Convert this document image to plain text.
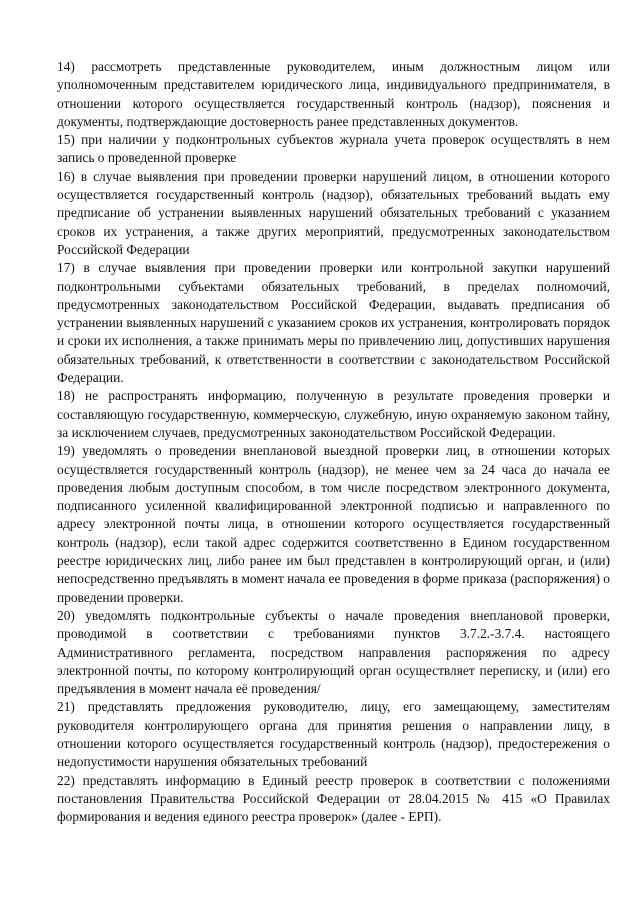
14) рассмотреть представленные руководителем, иным должностным лицом или уполномоченным представителем юридического лица, индивидуального предпринимателя, в отношении которого осуществляется государственный контроль (надзор), пояснения и документы, подтверждающие достоверность ранее представленных документов.

15) при наличии у подконтрольных субъектов журнала учета проверок осуществлять в нем запись о проведенной проверке

16) в случае выявления при проведении проверки нарушений лицом, в отношении которого осуществляется государственный контроль (надзор), обязательных требований выдать ему предписание об устранении выявленных нарушений обязательных требований с указанием сроков их устранения, а также других мероприятий, предусмотренных законодательством Российской Федерации

17) в случае выявления при проведении проверки или контрольной закупки нарушений подконтрольными субъектами обязательных требований, в пределах полномочий, предусмотренных законодательством Российской Федерации, выдавать предписания об устранении выявленных нарушений с указанием сроков их устранения, контролировать порядок и сроки их исполнения, а также принимать меры по привлечению лиц, допустивших нарушения обязательных требований, к ответственности в соответствии с законодательством Российской Федерации.

18) не распространять информацию, полученную в результате проведения проверки и составляющую государственную, коммерческую, служебную, иную охраняемую законом тайну, за исключением случаев, предусмотренных законодательством Российской Федерации.

19) уведомлять о проведении внеплановой выездной проверки лиц, в отношении которых осуществляется государственный контроль (надзор), не менее чем за 24 часа до начала ее проведения любым доступным способом, в том числе посредством электронного документа, подписанного усиленной квалифицированной электронной подписью и направленного по адресу электронной почты лица, в отношении которого осуществляется государственный контроль (надзор), если такой адрес содержится соответственно в Едином государственном реестре юридических лиц, либо ранее им был представлен в контролирующий орган, и (или) непосредственно предъявлять в момент начала ее проведения в форме приказа (распоряжения) о проведении проверки.

20) уведомлять подконтрольные субъекты о начале проведения внеплановой проверки, проводимой в соответствии с требованиями пунктов 3.7.2.-3.7.4. настоящего Административного регламента, посредством направления распоряжения по адресу электронной почты, по которому контролирующий орган осуществляет переписку, и (или) его предъявления в момент начала её проведения/

21) представлять предложения руководителю, лицу, его замещающему, заместителям руководителя контролирующего органа для принятия решения о направлении лицу, в отношении которого осуществляется государственный контроль (надзор), предостережения о недопустимости нарушения обязательных требований

22) представлять информацию в Единый реестр проверок в соответствии с положениями постановления Правительства Российской Федерации от 28.04.2015 № 415 «О Правилах формирования и ведения единого реестра проверок» (далее - ЕРП).
